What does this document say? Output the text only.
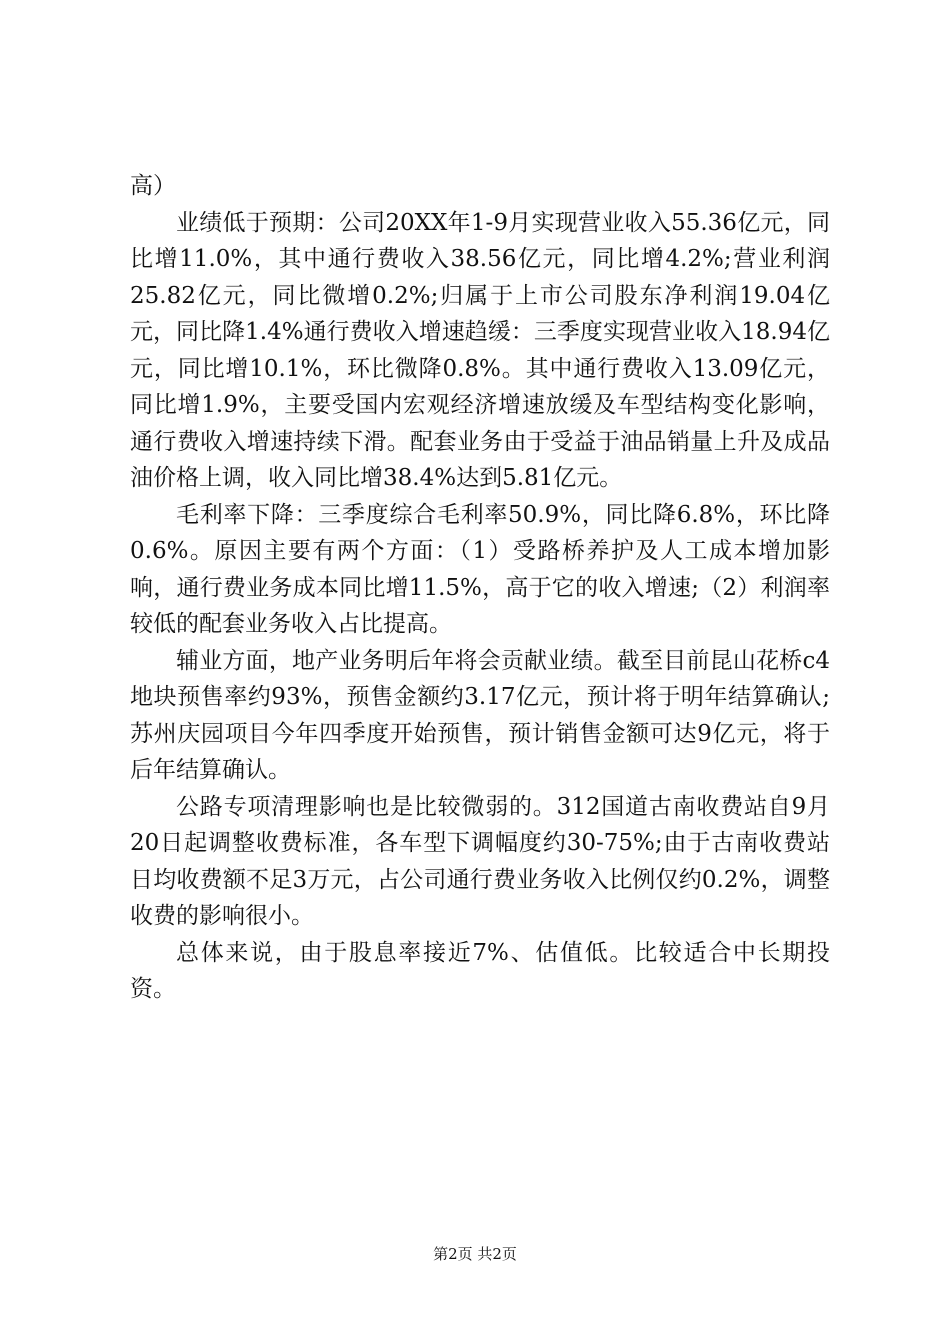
高）

业绩低于预期：公司20XX年1-9月实现营业收入55.36亿元，同比增11.0%，其中通行费收入38.56亿元，同比增4.2%;营业利润25.82亿元，同比微增0.2%;归属于上市公司股东净利润19.04亿元，同比降1.4%通行费收入增速趋缓：三季度实现营业收入18.94亿元，同比增10.1%，环比微降0.8%。其中通行费收入13.09亿元，同比增1.9%，主要受国内宏观经济增速放缓及车型结构变化影响，通行费收入增速持续下滑。配套业务由于受益于油品销量上升及成品油价格上调，收入同比增38.4%达到5.81亿元。

毛利率下降：三季度综合毛利率50.9%，同比降6.8%，环比降0.6%。原因主要有两个方面：（1）受路桥养护及人工成本增加影响，通行费业务成本同比增11.5%，高于它的收入增速;（2）利润率较低的配套业务收入占比提高。

辅业方面，地产业务明后年将会贡献业绩。截至目前昆山花桥c4地块预售率约93%，预售金额约3.17亿元，预计将于明年结算确认;苏州庆园项目今年四季度开始预售，预计销售金额可达9亿元，将于后年结算确认。

公路专项清理影响也是比较微弱的。312国道古南收费站自9月20日起调整收费标准，各车型下调幅度约30-75%;由于古南收费站日均收费额不足3万元，占公司通行费业务收入比例仅约0.2%，调整收费的影响很小。

总体来说，由于股息率接近7%、估值低。比较适合中长期投资。

第2页 共2页
